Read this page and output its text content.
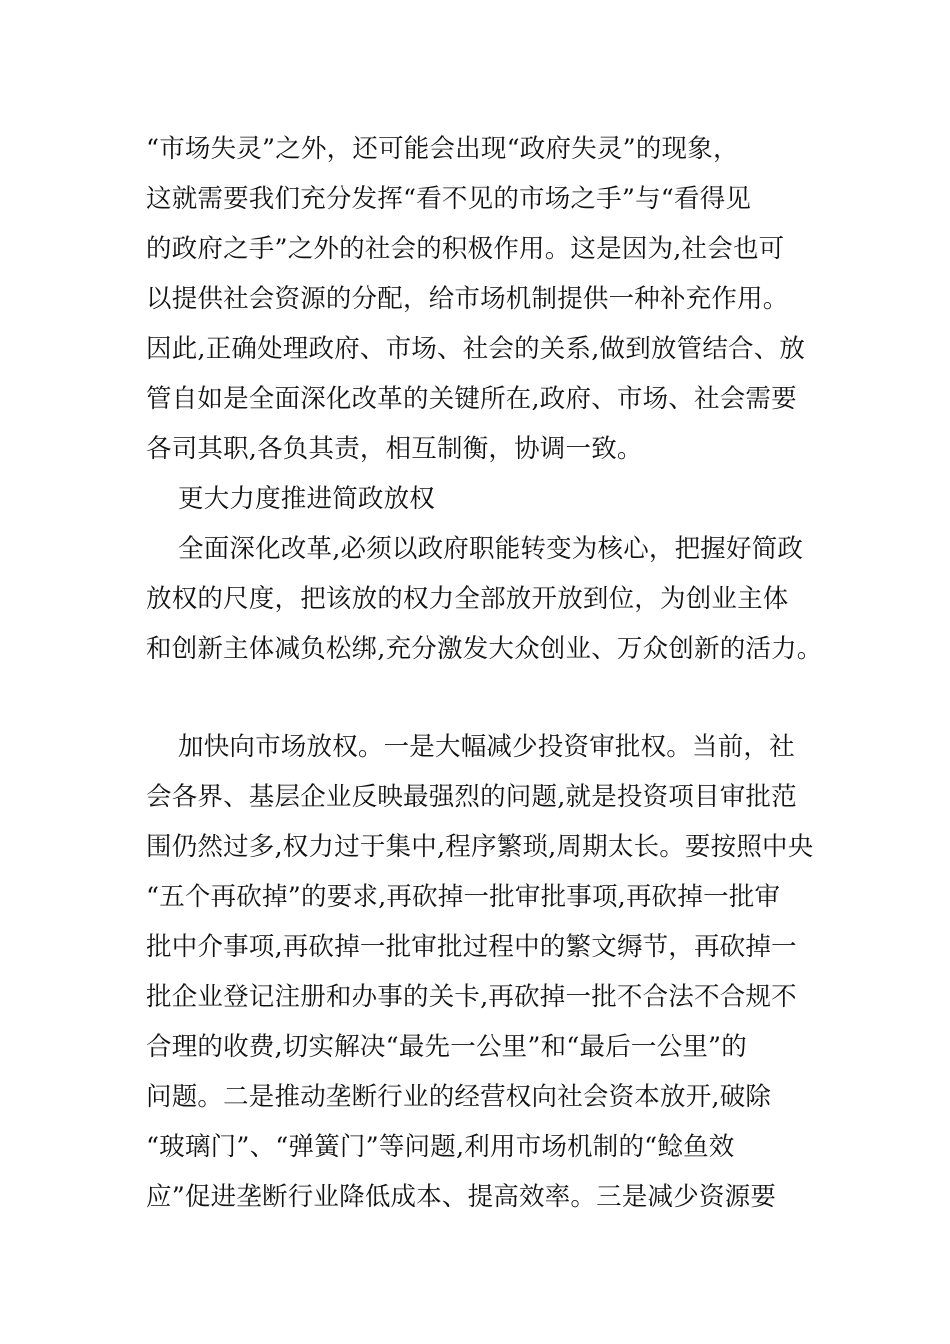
“市场失灵”之外，还可能会出现“政府失灵”的现象，
这就需要我们充分发挥“看不见的市场之手”与“看得见
的政府之手”之外的社会的积极作用。这是因为,社会也可
以提供社会资源的分配，给市场机制提供一种补充作用。
因此,正确处理政府、市场、社会的关系,做到放管结合、放
管自如是全面深化改革的关键所在,政府、市场、社会需要
各司其职,各负其责，相互制衡，协调一致。
更大力度推进简政放权
全面深化改革,必须以政府职能转变为核心，把握好简政
放权的尺度，把该放的权力全部放开放到位，为创业主体
和创新主体减负松绑,充分激发大众创业、万众创新的活力。
加快向市场放权。一是大幅减少投资审批权。当前，社
会各界、基层企业反映最强烈的问题,就是投资项目审批范
围仍然过多,权力过于集中,程序繁琐,周期太长。要按照中央
“五个再砍掉”的要求,再砍掉一批审批事项,再砍掉一批审
批中介事项,再砍掉一批审批过程中的繁文缛节，再砍掉一
批企业登记注册和办事的关卡,再砍掉一批不合法不合规不
合理的收费,切实解决“最先一公里”和“最后一公里”的
问题。二是推动垄断行业的经营权向社会资本放开,破除
“玻璃门”、“弹簧门”等问题,利用市场机制的“鲶鱼效
应”促进垄断行业降低成本、提高效率。三是减少资源要
